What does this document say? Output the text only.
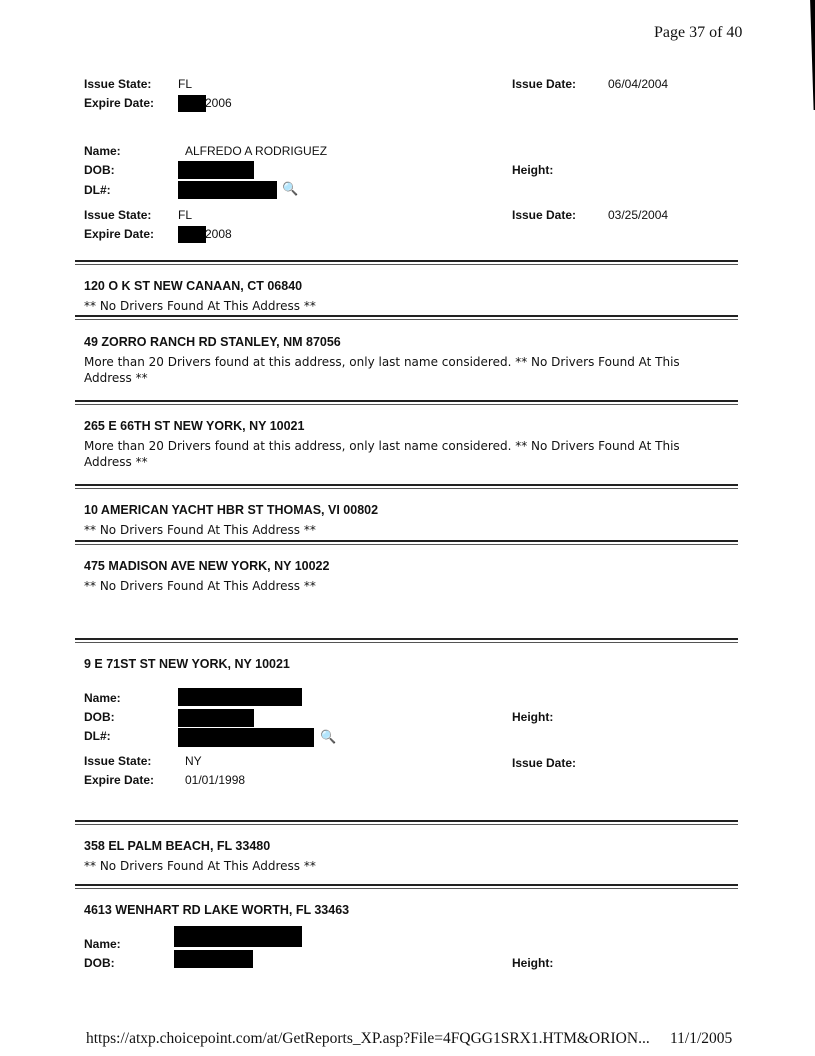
Page 37 of 40
Issue State: FL	Issue Date:	06/04/2004
Expire Date:	2006
Name:	ALFREDO A RODRIGUEZ
DOB:	Height:
DL#:	🔍
Issue State: FL	Issue Date:	03/25/2004
Expire Date:	2008
120 O K ST NEW CANAAN, CT 06840
** No Drivers Found At This Address **
49 ZORRO RANCH RD STANLEY, NM 87056
More than 20 Drivers found at this address, only last name considered. ** No Drivers Found At This Address **
265 E 66TH ST NEW YORK, NY 10021
More than 20 Drivers found at this address, only last name considered. ** No Drivers Found At This Address **
10 AMERICAN YACHT HBR ST THOMAS, VI 00802
** No Drivers Found At This Address **
475 MADISON AVE NEW YORK, NY 10022
** No Drivers Found At This Address **
9 E 71ST ST NEW YORK, NY 10021
Name:
DOB:	Height:
DL#:	🔍
Issue State:	NY	Issue Date:
Expire Date:	01/01/1998
358 EL PALM BEACH, FL 33480
** No Drivers Found At This Address **
4613 WENHART RD LAKE WORTH, FL 33463
Name:
DOB:	Height:
https://atxp.choicepoint.com/at/GetReports_XP.asp?File=4FQGG1SRX1.HTM&ORION... 11/1/2005
